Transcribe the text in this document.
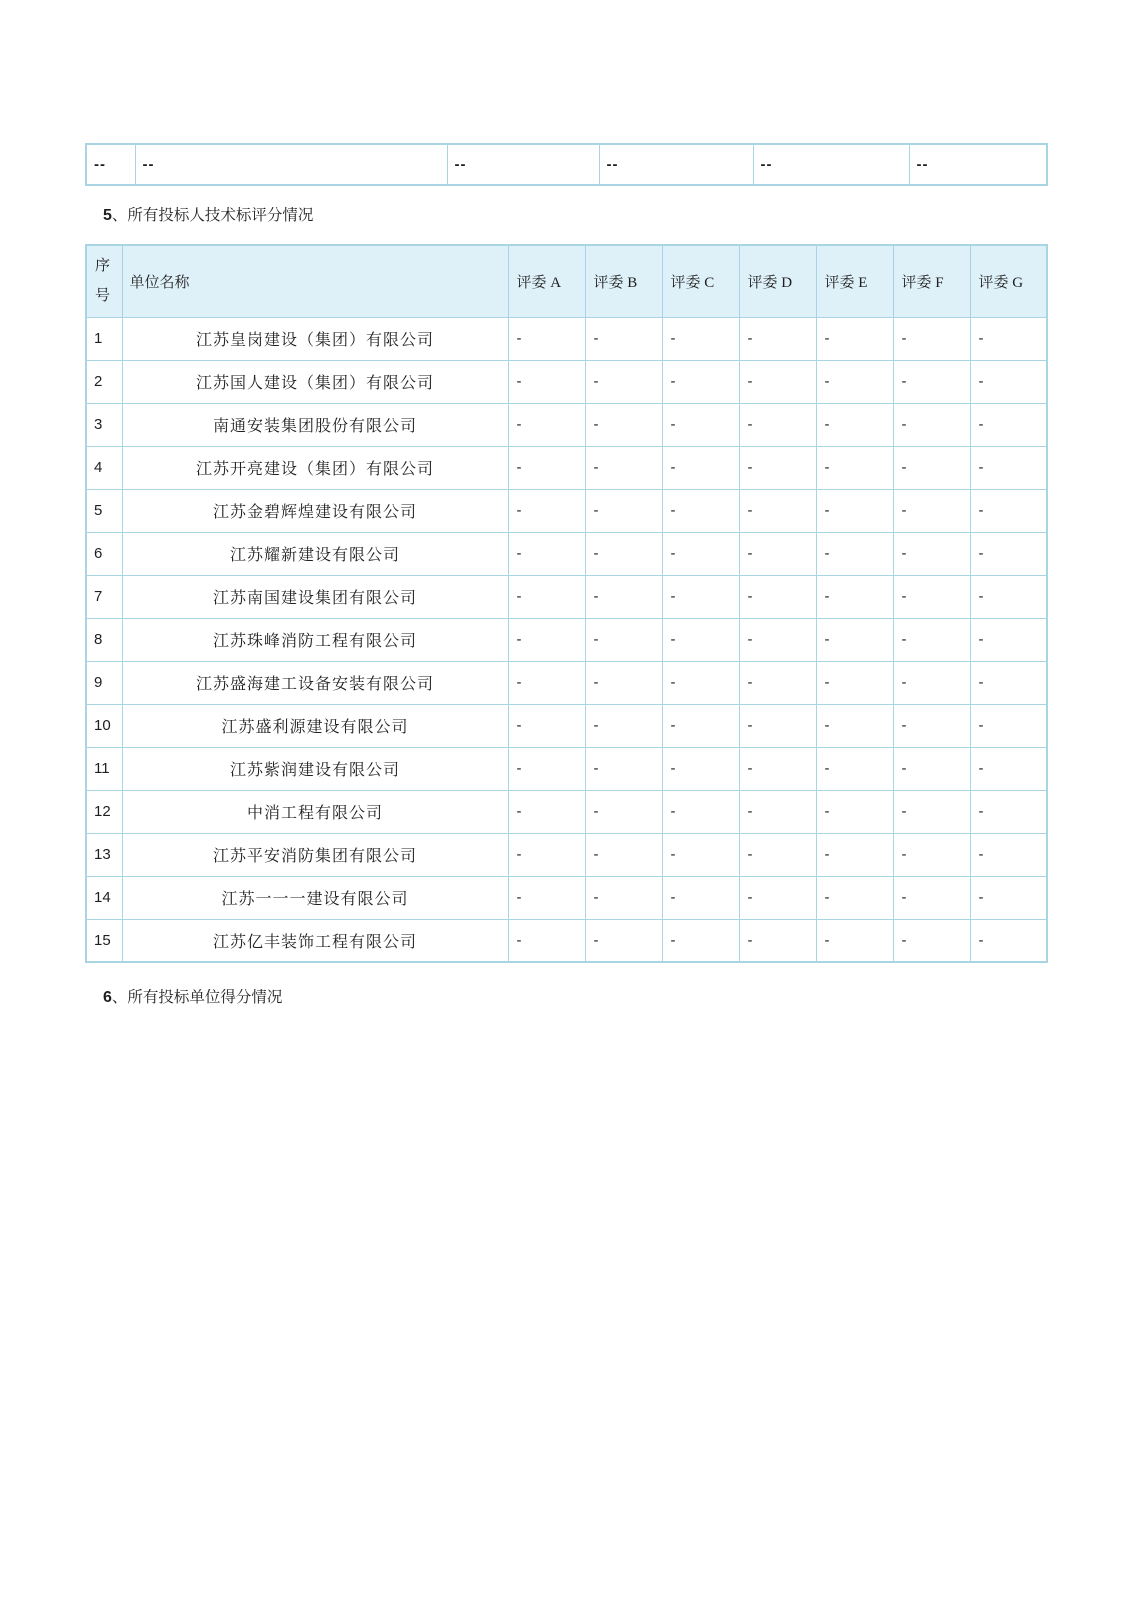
--	--	--	--	--	--
5、所有投标人技术标评分情况
序号	单位名称	评委 A	评委 B	评委 C	评委 D	评委 E	评委 F	评委 G
1	江苏皇岗建设（集团）有限公司	-	-	-	-	-	-	-
2	江苏国人建设（集团）有限公司	-	-	-	-	-	-	-
3	南通安装集团股份有限公司	-	-	-	-	-	-	-
4	江苏开亮建设（集团）有限公司	-	-	-	-	-	-	-
5	江苏金碧辉煌建设有限公司	-	-	-	-	-	-	-
6	江苏耀新建设有限公司	-	-	-	-	-	-	-
7	江苏南国建设集团有限公司	-	-	-	-	-	-	-
8	江苏珠峰消防工程有限公司	-	-	-	-	-	-	-
9	江苏盛海建工设备安装有限公司	-	-	-	-	-	-	-
10	江苏盛利源建设有限公司	-	-	-	-	-	-	-
11	江苏紫润建设有限公司	-	-	-	-	-	-	-
12	中消工程有限公司	-	-	-	-	-	-	-
13	江苏平安消防集团有限公司	-	-	-	-	-	-	-
14	江苏一一一建设有限公司	-	-	-	-	-	-	-
15	江苏亿丰装饰工程有限公司	-	-	-	-	-	-	-
6、所有投标单位得分情况
